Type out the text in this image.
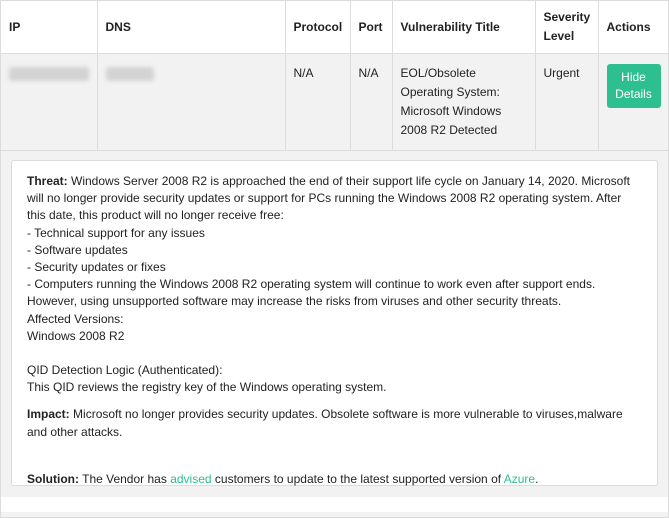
IP	DNS	Protocol	Port	Vulnerability Title	Severity Level	Actions
		N/A	N/A	EOL/Obsolete Operating System: Microsoft Windows 2008 R2 Detected	Urgent	Hide Details

Threat: Windows Server 2008 R2 is approached the end of their support life cycle on January 14, 2020. Microsoft will no longer provide security updates or support for PCs running the Windows 2008 R2 operating system. After this date, this product will no longer receive free:

- Technical support for any issues

- Software updates

- Security updates or fixes

- Computers running the Windows 2008 R2 operating system will continue to work even after support ends. However, using unsupported software may increase the risks from viruses and other security threats.

Affected Versions:

Windows 2008 R2

QID Detection Logic (Authenticated):

This QID reviews the registry key of the Windows operating system.

Impact: Microsoft no longer provides security updates. Obsolete software is more vulnerable to viruses,malware and other attacks.

Solution: The Vendor has advised customers to update to the latest supported version of Azure.
